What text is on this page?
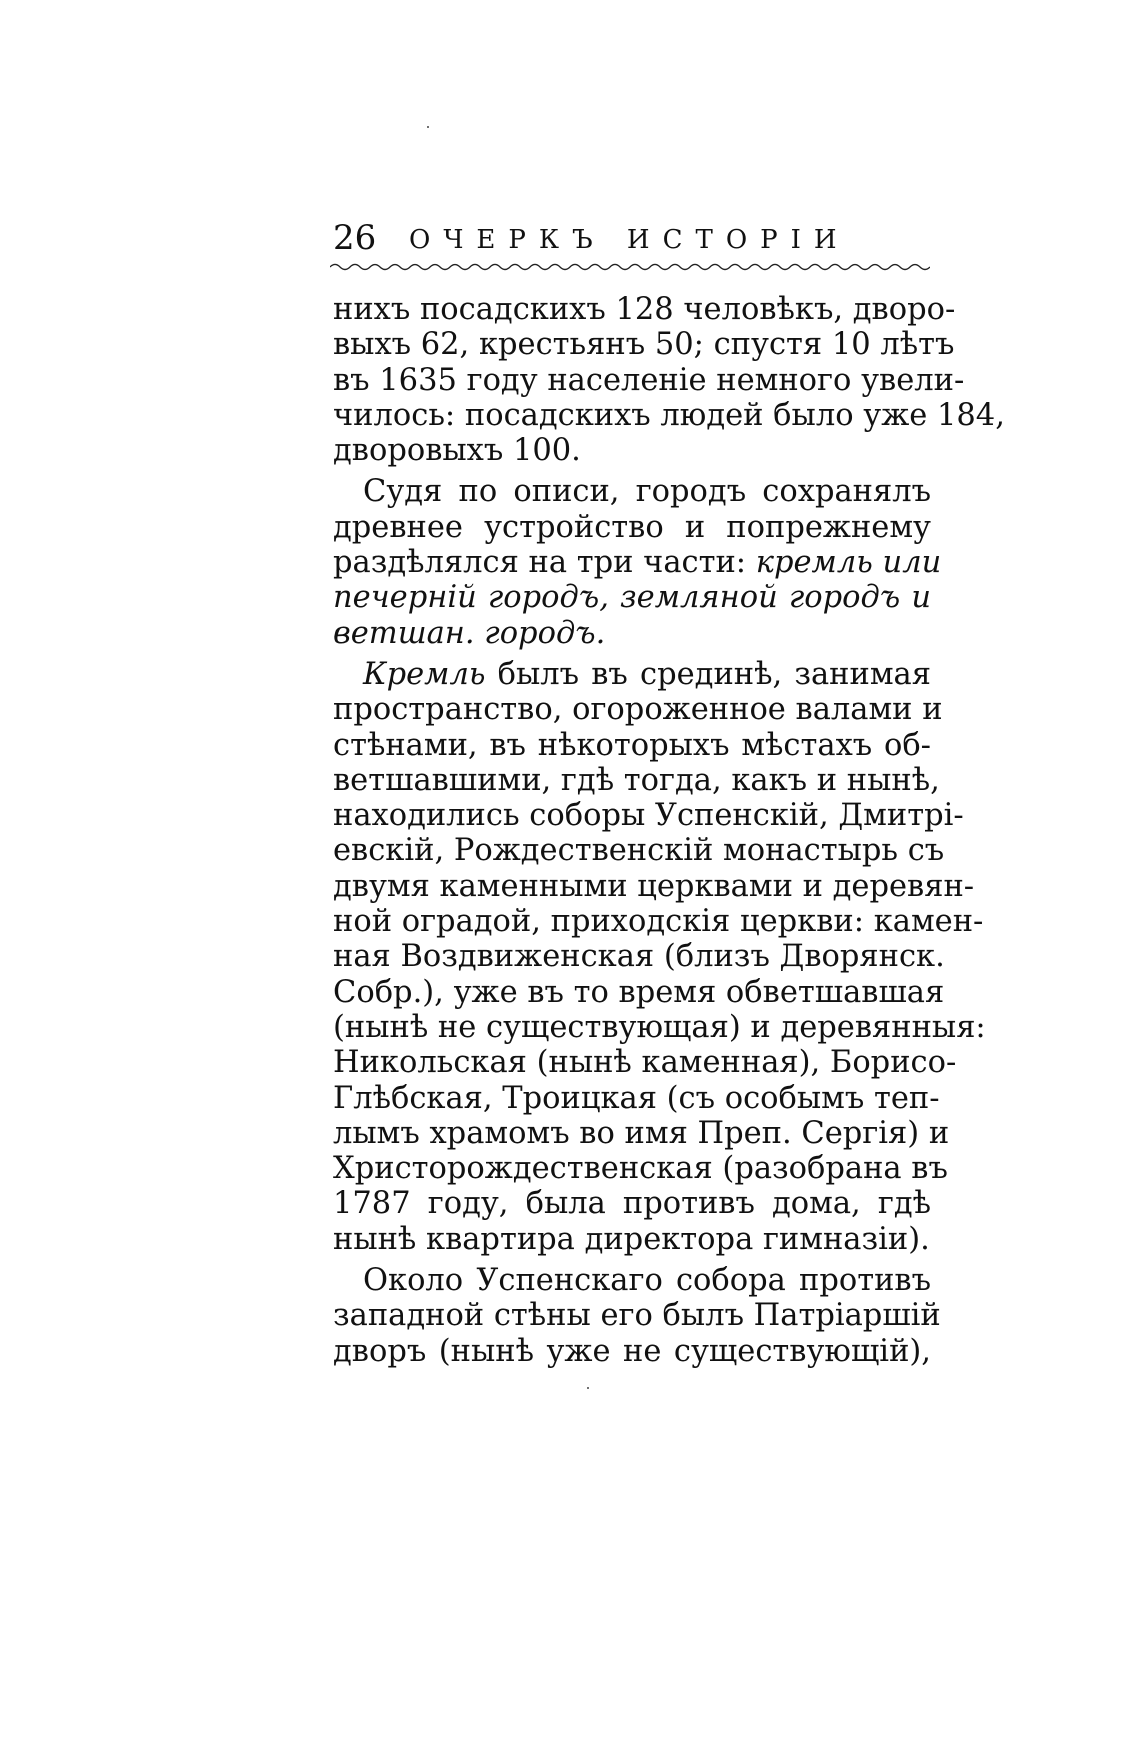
26 ОЧЕРКЪ ИСТОРІИ
нихъ посадскихъ 128 человѣкъ, дворо-
выхъ 62, крестьянъ 50; спустя 10 лѣтъ
въ 1635 году населеніе немного увели-
чилось: посадскихъ людей было уже 184,
дворовыхъ 100.
Судя по описи, городъ сохранялъ
древнее устройство и попрежнему
раздѣлялся на три части: кремль или
печерній городъ, земляной городъ и
ветшан. городъ.
Кремль былъ въ срединѣ, занимая
пространство, огороженное валами и
стѣнами, въ нѣкоторыхъ мѣстахъ об-
ветшавшими, гдѣ тогда, какъ и нынѣ,
находились соборы Успенскій, Дмитрі-
евскій, Рождественскій монастырь съ
двумя каменными церквами и деревян-
ной оградой, приходскія церкви: камен-
ная Воздвиженская (близъ Дворянск.
Собр.), уже въ то время обветшавшая
(нынѣ не существующая) и деревянныя:
Никольская (нынѣ каменная), Борисо-
Глѣбская, Троицкая (съ особымъ теп-
лымъ храмомъ во имя Преп. Сергія) и
Христорождественская (разобрана въ
1787 году, была противъ дома, гдѣ
нынѣ квартира директора гимназіи).
Около Успенскаго собора противъ
западной стѣны его былъ Патріаршій
дворъ (нынѣ уже не существующій),
